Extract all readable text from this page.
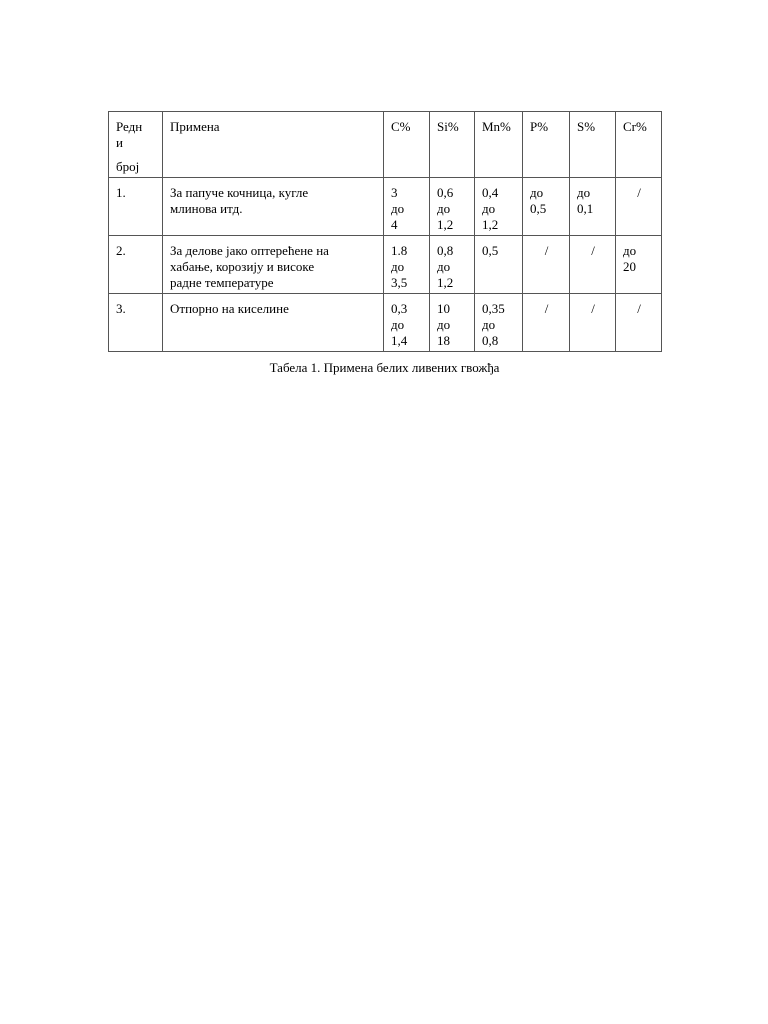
Редн
и
број	Примена	C%	Si%	Mn%	P%	S%	Cr%
1.	За папуче кочница, кугле
млинова итд.	3
до
4	0,6
до
1,2	0,4
до
1,2	до
0,5	до
0,1	/

2.	За делове јако оптерећене на
хабање, корозију и високе
радне температуре	1.8
до
3,5	0,8
до
1,2	0,5	/	/	до
20

3.	Отпорно на киселине	0,3
до
1,4	10
до
18	0,35
до
0,8	/	/	/
Табела 1. Примена белих ливених гвожђа
